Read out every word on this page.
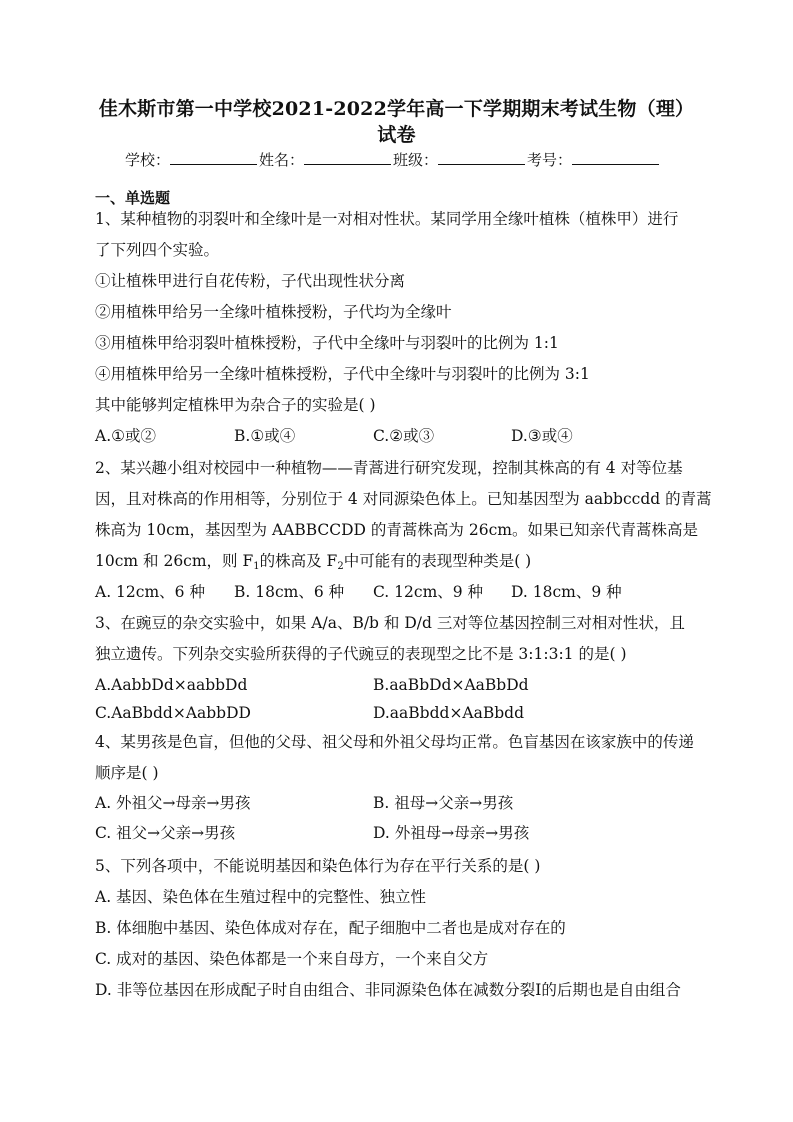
佳木斯市第一中学校2021-2022学年高一下学期期末考试生物（理）
试卷
学校：	姓名：	班级：	考号：
一、单选题
1、某种植物的羽裂叶和全缘叶是一对相对性状。某同学用全缘叶植株（植株甲）进行
了下列四个实验。
①让植株甲进行自花传粉，子代出现性状分离
②用植株甲给另一全缘叶植株授粉，子代均为全缘叶
③用植株甲给羽裂叶植株授粉，子代中全缘叶与羽裂叶的比例为 1:1
④用植株甲给另一全缘叶植株授粉，子代中全缘叶与羽裂叶的比例为 3:1
其中能够判定植株甲为杂合子的实验是( )
A.①或②	B.①或④	C.②或③	D.③或④
2、某兴趣小组对校园中一种植物——青蒿进行研究发现，控制其株高的有 4 对等位基
因，且对株高的作用相等，分别位于 4 对同源染色体上。已知基因型为 aabbccdd 的青蒿
株高为 10cm，基因型为 AABBCCDD 的青蒿株高为 26cm。如果已知亲代青蒿株高是
10cm 和 26cm，则 $F_1$的株高及 $F_2$中可能有的表现型种类是( )
A. 12cm、6 种 B. 18cm、6 种 C. 12cm、9 种 D. 18cm、9 种
3、在豌豆的杂交实验中，如果 A/a、B/b 和 D/d 三对等位基因控制三对相对性状，且
独立遗传。下列杂交实验所获得的子代豌豆的表现型之比不是 3:1:3:1 的是( )
A.AabbDd×aabbDd	B.aaBbDd×AaBbDd
C.AaBbdd×AabbDD	D.aaBbdd×AaBbdd
4、某男孩是色盲，但他的父母、祖父母和外祖父母均正常。色盲基因在该家族中的传递
顺序是( )
A. 外祖父→母亲→男孩	B. 祖母→父亲→男孩
C. 祖父→父亲→男孩	D. 外祖母→母亲→男孩
5、下列各项中，不能说明基因和染色体行为存在平行关系的是( )
A. 基因、染色体在生殖过程中的完整性、独立性
B. 体细胞中基因、染色体成对存在，配子细胞中二者也是成对存在的
C. 成对的基因、染色体都是一个来自母方，一个来自父方
D. 非等位基因在形成配子时自由组合、非同源染色体在减数分裂Ⅰ的后期也是自由组合
